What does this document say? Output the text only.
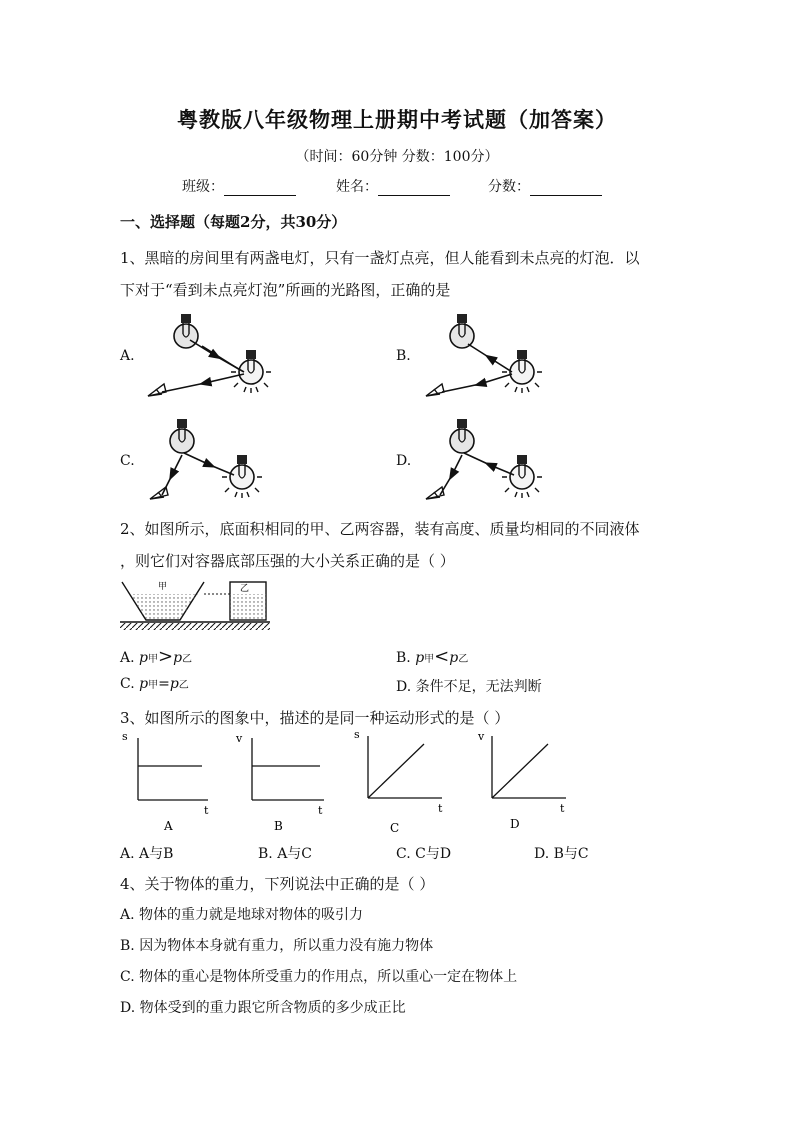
粤教版八年级物理上册期中考试题（加答案）
（时间：60分钟 分数：100分）
班级：	姓名：	分数：
一、选择题（每题2分，共30分）
1、黑暗的房间里有两盏电灯，只有一盏灯点亮，但人能看到未点亮的灯泡．以
下对于“看到未点亮灯泡”所画的光路图，正确的是
A.	B.
C.	D.
2、如图所示，底面积相同的甲、乙两容器，装有高度、质量均相同的不同液体
，则它们对容器底部压强的大小关系正确的是（ ）
甲	乙
A. p甲>p乙	B. p甲<p乙
C. p甲=p乙	D. 条件不足，无法判断
3、如图所示的图象中，描述的是同一种运动形式的是（ ）
s
t
A
v
t
B
s
t
C
v
t
D
A. A与B	B. A与C	C. C与D	D. B与C
4、关于物体的重力，下列说法中正确的是（ ）
A. 物体的重力就是地球对物体的吸引力
B. 因为物体本身就有重力，所以重力没有施力物体
C. 物体的重心是物体所受重力的作用点，所以重心一定在物体上
D. 物体受到的重力跟它所含物质的多少成正比
